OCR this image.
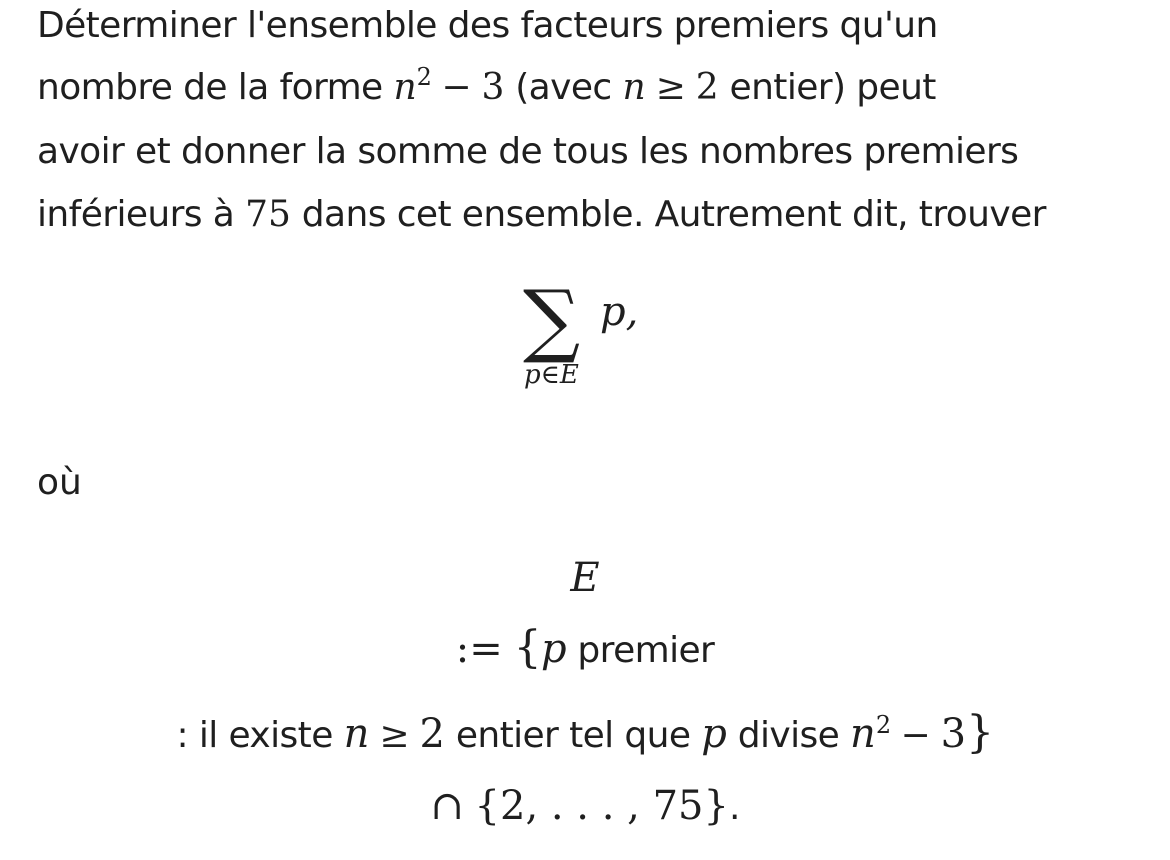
Déterminer l'ensemble des facteurs premiers qu'un

nombre de la forme $n^2 - 3$ (avec n ≥ 2 entier) peut

avoir et donner la somme de tous les nombres premiers

inférieurs à 75 dans cet ensemble. Autrement dit, trouver

∑ p,
p∈E
où
E
:= {p premier
: il existe n ≥ 2 entier tel que p divise $n^2 - 3$}
∩ {2, . . . , 75}.
